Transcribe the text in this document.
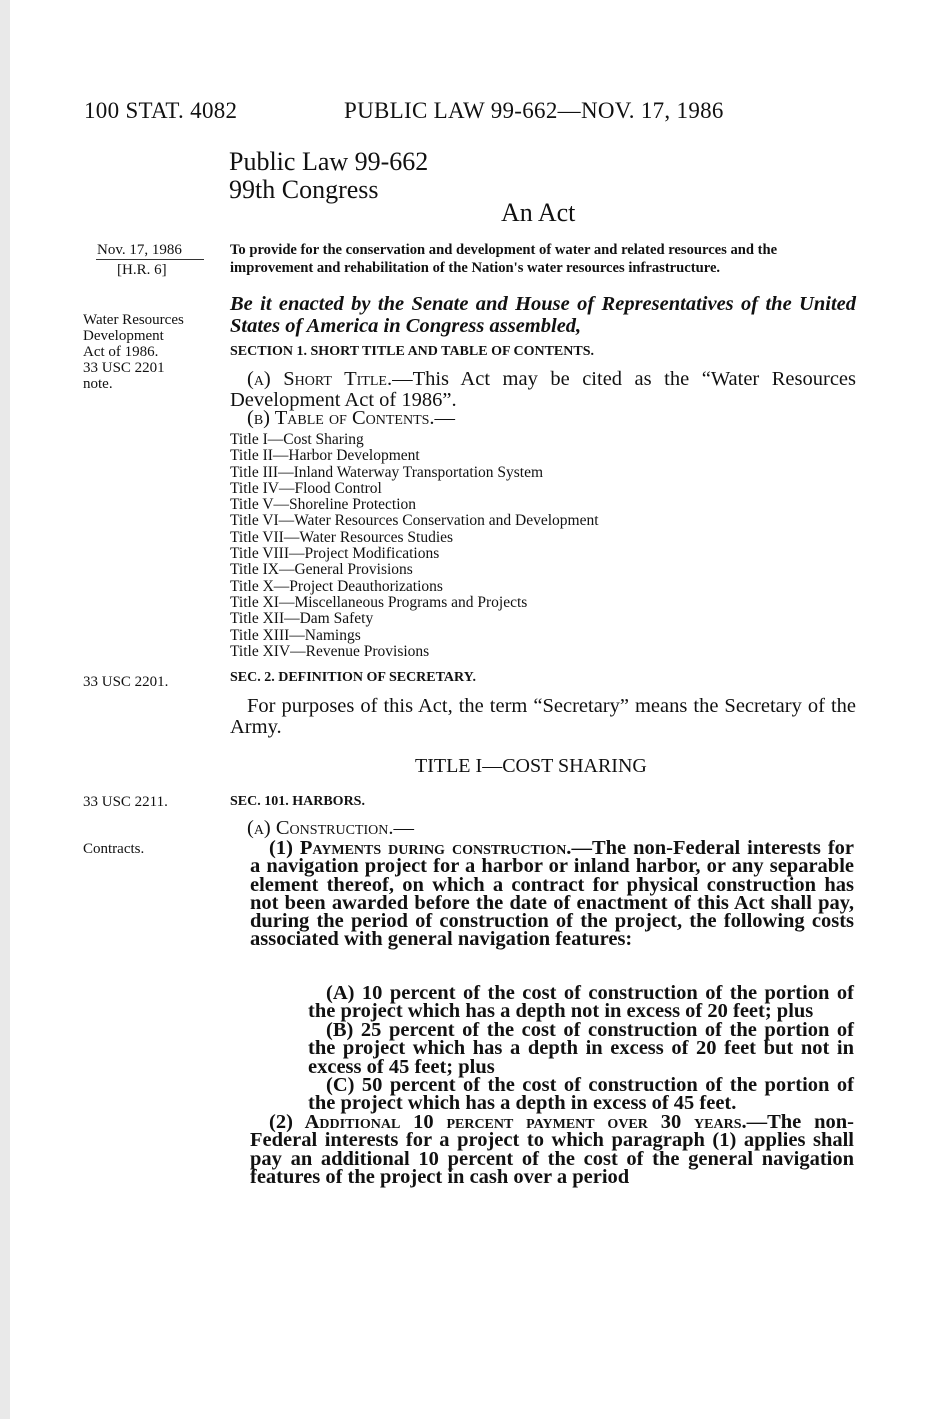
100 STAT. 4082	PUBLIC LAW 99-662—NOV. 17, 1986
Public Law 99-662
99th Congress
An Act
Nov. 17, 1986
[H.R. 6]
Water Resources
Development
Act of 1986.
33 USC 2201
note.
33 USC 2201.
33 USC 2211.
Contracts.
To provide for the conservation and development of water and related resources and the improvement and rehabilitation of the Nation's water resources infrastructure.
Be it enacted by the Senate and House of Representatives of the United States of America in Congress assembled,
SECTION 1. SHORT TITLE AND TABLE OF CONTENTS.
(a) Short Title.—This Act may be cited as the “Water Resources Development Act of 1986”.
(b) Table of Contents.—
Title I—Cost Sharing
Title II—Harbor Development
Title III—Inland Waterway Transportation System
Title IV—Flood Control
Title V—Shoreline Protection
Title VI—Water Resources Conservation and Development
Title VII—Water Resources Studies
Title VIII—Project Modifications
Title IX—General Provisions
Title X—Project Deauthorizations
Title XI—Miscellaneous Programs and Projects
Title XII—Dam Safety
Title XIII—Namings
Title XIV—Revenue Provisions
SEC. 2. DEFINITION OF SECRETARY.
For purposes of this Act, the term “Secretary” means the Secretary of the Army.
TITLE I—COST SHARING
SEC. 101. HARBORS.
(a) Construction.—
(1) Payments during construction.—The non-Federal interests for a navigation project for a harbor or inland harbor, or any separable element thereof, on which a contract for physical construction has not been awarded before the date of enactment of this Act shall pay, during the period of construction of the project, the following costs associated with general navigation features:
(A) 10 percent of the cost of construction of the portion of the project which has a depth not in excess of 20 feet; plus
(B) 25 percent of the cost of construction of the portion of the project which has a depth in excess of 20 feet but not in excess of 45 feet; plus
(C) 50 percent of the cost of construction of the portion of the project which has a depth in excess of 45 feet.
(2) Additional 10 percent payment over 30 years.—The non-Federal interests for a project to which paragraph (1) applies shall pay an additional 10 percent of the cost of the general navigation features of the project in cash over a period
